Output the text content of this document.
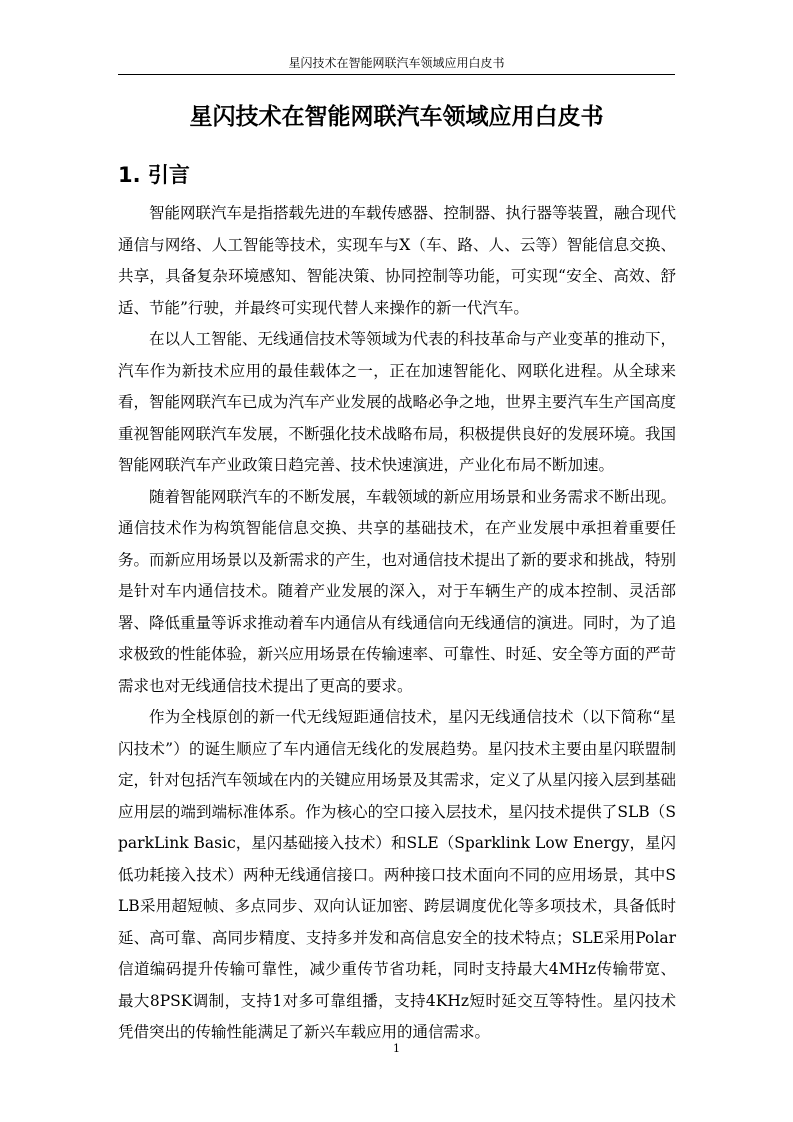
星闪技术在智能网联汽车领域应用白皮书
星闪技术在智能网联汽车领域应用白皮书
1. 引言

智能网联汽车是指搭载先进的车载传感器、控制器、执行器等装置，融合现代通信与网络、人工智能等技术，实现车与X（车、路、人、云等）智能信息交换、共享，具备复杂环境感知、智能决策、协同控制等功能，可实现“安全、高效、舒适、节能”行驶，并最终可实现代替人来操作的新一代汽车。

在以人工智能、无线通信技术等领域为代表的科技革命与产业变革的推动下，汽车作为新技术应用的最佳载体之一，正在加速智能化、网联化进程。从全球来看，智能网联汽车已成为汽车产业发展的战略必争之地，世界主要汽车生产国高度重视智能网联汽车发展，不断强化技术战略布局，积极提供良好的发展环境。我国智能网联汽车产业政策日趋完善、技术快速演进，产业化布局不断加速。

随着智能网联汽车的不断发展，车载领域的新应用场景和业务需求不断出现。通信技术作为构筑智能信息交换、共享的基础技术，在产业发展中承担着重要任务。而新应用场景以及新需求的产生，也对通信技术提出了新的要求和挑战，特别是针对车内通信技术。随着产业发展的深入，对于车辆生产的成本控制、灵活部署、降低重量等诉求推动着车内通信从有线通信向无线通信的演进。同时，为了追求极致的性能体验，新兴应用场景在传输速率、可靠性、时延、安全等方面的严苛需求也对无线通信技术提出了更高的要求。

作为全栈原创的新一代无线短距通信技术，星闪无线通信技术（以下简称“星闪技术”）的诞生顺应了车内通信无线化的发展趋势。星闪技术主要由星闪联盟制定，针对包括汽车领域在内的关键应用场景及其需求，定义了从星闪接入层到基础应用层的端到端标准体系。作为核心的空口接入层技术，星闪技术提供了SLB（SparkLink Basic，星闪基础接入技术）和SLE（Sparklink Low Energy，星闪低功耗接入技术）两种无线通信接口。两种接口技术面向不同的应用场景，其中SLB采用超短帧、多点同步、双向认证加密、跨层调度优化等多项技术，具备低时延、高可靠、高同步精度、支持多并发和高信息安全的技术特点；SLE采用Polar信道编码提升传输可靠性，减少重传节省功耗，同时支持最大4MHz传输带宽、最大8PSK调制，支持1对多可靠组播，支持4KHz短时延交互等特性。星闪技术凭借突出的传输性能满足了新兴车载应用的通信需求。

1
